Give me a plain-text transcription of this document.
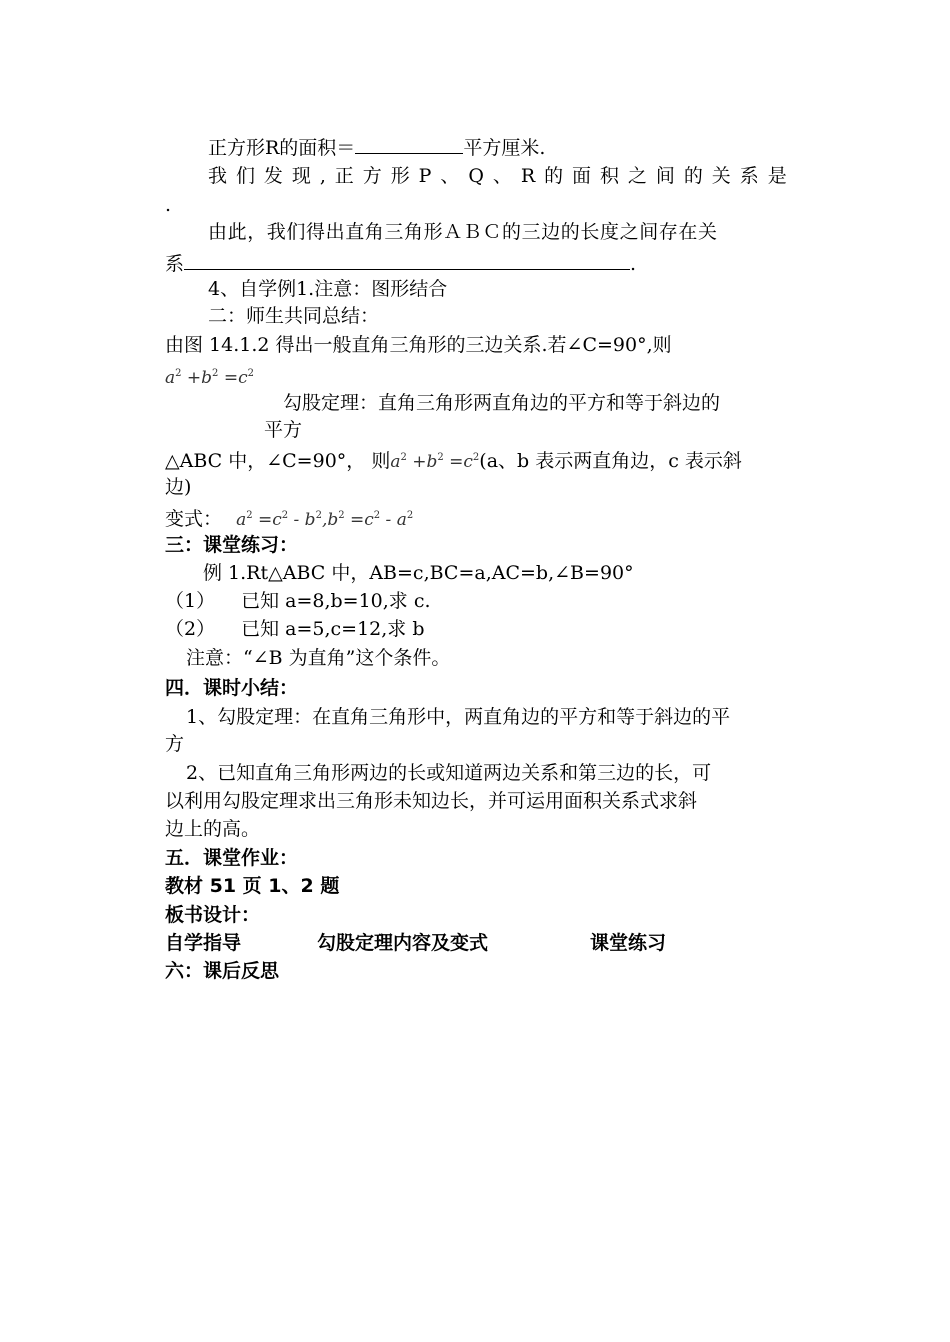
正方形R的面积＝	平方厘米.
我 们 发 现 , 正 方 形 P 、 Q 、 R 的 面 积 之 间 的 关 系 是
.
由此，我们得出直角三角形ＡＢＣ的三边的长度之间存在关
系	.
4、自学例1.注意：图形结合
二：师生共同总结：
由图 14.1.2 得出一般直角三角形的三边关系.若∠C=90°,则
$a^2 +b^2 =c^2$
勾股定理：直角三角形两直角边的平方和等于斜边的
平方
△ABC 中，∠C=90°， 则$a^2 +b^2 =c^2(a$、b 表示两直角边，c 表示斜
边)
变式： $a^2 =c^2 - b^2,b^2 =c^2 - a^2$
三：课堂练习：
例 1.Rt△ABC 中，AB=c,BC=a,AC=b,∠B=90°
（1） 已知 a=8,b=10,求 c.
（2） 已知 a=5,c=12,求 b
注意：“∠B 为直角”这个条件。
四．课时小结：
1、勾股定理：在直角三角形中，两直角边的平方和等于斜边的平
方
2、已知直角三角形两边的长或知道两边关系和第三边的长，可
以利用勾股定理求出三角形未知边长，并可运用面积关系式求斜
边上的高。
五．课堂作业：
教材 51 页 1、2 题
板书设计：
自学指导	勾股定理内容及变式	课堂练习
六：课后反思
